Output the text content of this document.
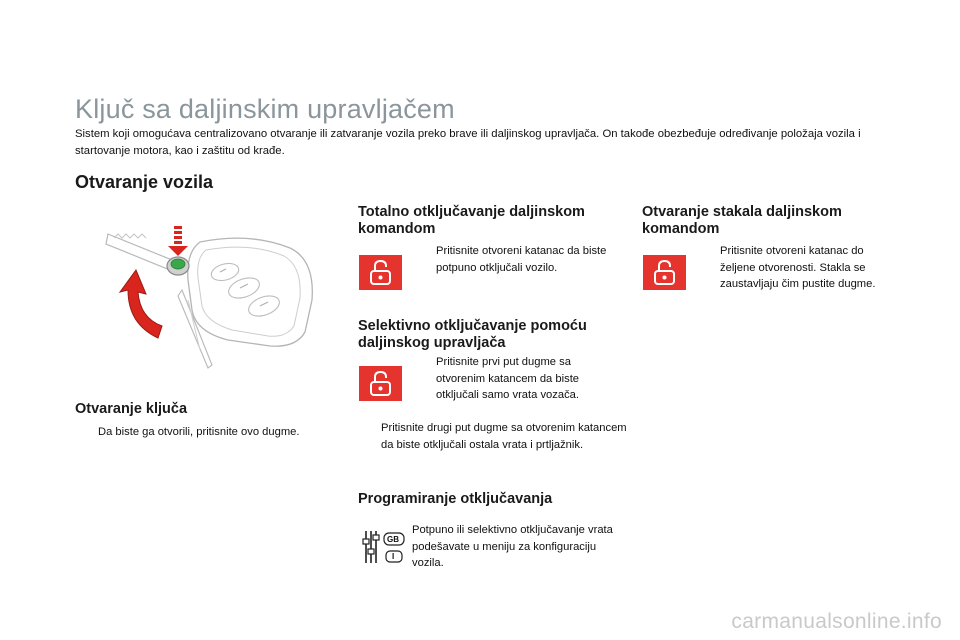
Ključ sa daljinskim upravljačem
Sistem koji omogućava centralizovano otvaranje ili zatvaranje vozila preko brave ili daljinskog upravljača. On takođe obezbeđuje određivanje položaja vozila i startovanje motora, kao i zaštitu od krađe.
Otvaranje vozila
Otvaranje ključa
Da biste ga otvorili, pritisnite ovo dugme.
Totalno otključavanje daljinskom komandom
Pritisnite otvoreni katanac da biste potpuno otključali vozilo.
Selektivno otključavanje pomoću daljinskog upravljača
Pritisnite prvi put dugme sa otvorenim katancem da biste otključali samo vrata vozača.
Pritisnite drugi put dugme sa otvorenim katancem da biste otključali ostala vrata i prtljažnik.
Programiranje otključavanja
GB
I
Potpuno ili selektivno otključavanje vrata podešavate u meniju za konfiguraciju vozila.
Otvaranje stakala daljinskom komandom
Pritisnite otvoreni katanac do željene otvorenosti. Stakla se zaustavljaju čim pustite dugme.
carmanualsonline.info
